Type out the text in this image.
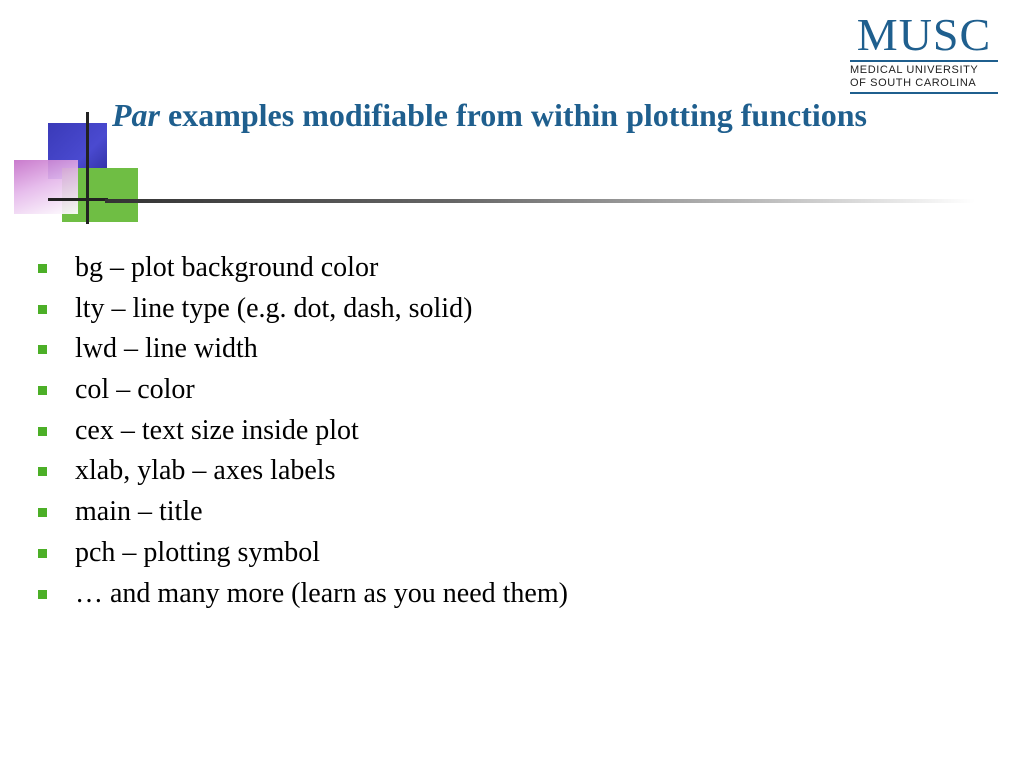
Par examples modifiable from within plotting functions
MUSC
MEDICAL UNIVERSITY
OF SOUTH CAROLINA
bg – plot background color
lty – line type (e.g. dot, dash, solid)
lwd – line width
col – color
cex – text size inside plot
xlab, ylab – axes labels
main – title
pch – plotting symbol
… and many more (learn as you need them)
